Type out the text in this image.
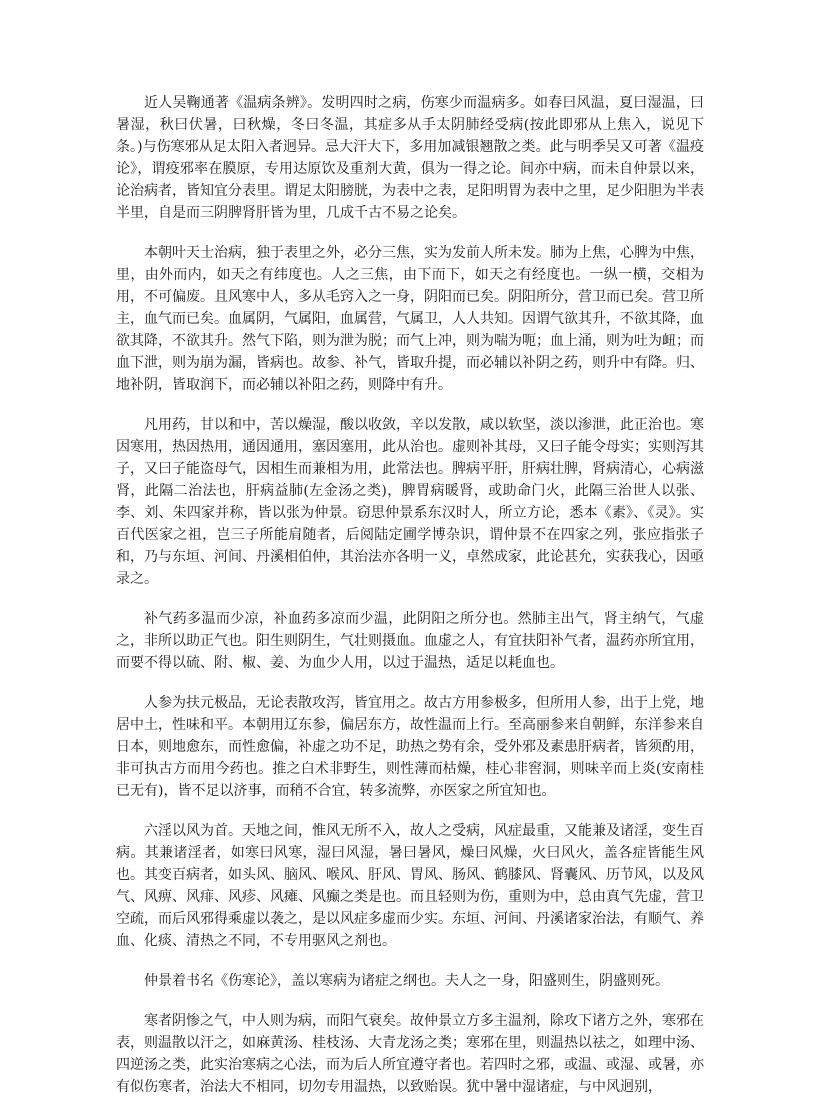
近人吴鞠通著《温病条辨》。发明四时之病，伤寒少而温病多。如春曰风温，夏曰湿温，曰暑湿，秋曰伏暑，曰秋燥，冬曰冬温，其症多从手太阴肺经受病(按此即邪从上焦入，说见下条。)与伤寒邪从足太阳入者迥异。忌大汗大下，多用加减银翘散之类。此与明季吴又可著《温疫论》，谓疫邪率在膜原，专用达原饮及重剂大黄，俱为一得之论。间亦中病，而未自仲景以来，论治病者，皆知宜分表里。谓足太阳膀胱，为表中之表，足阳明胃为表中之里，足少阳胆为半表半里，自是而三阴脾肾肝皆为里，几成千古不易之论矣。

本朝叶天士治病，独于表里之外，必分三焦，实为发前人所未发。肺为上焦，心脾为中焦，里，由外而内，如天之有纬度也。人之三焦，由下而下，如天之有经度也。一纵一横，交相为用，不可偏废。且风寒中人，多从毛窍入之一身，阴阳而已矣。阴阳所分，营卫而已矣。营卫所主，血气而已矣。血属阴，气属阳，血属营，气属卫，人人共知。因谓气欲其升，不欲其降，血欲其降，不欲其升。然气下陷，则为泄为脱；而气上冲，则为喘为呃；血上涌，则为吐为衄；而血下泄，则为崩为漏，皆病也。故参、补气，皆取升提，而必辅以补阴之药，则升中有降。归、地补阴，皆取润下，而必辅以补阳之药，则降中有升。

凡用药，甘以和中，苦以燥湿，酸以收敛，辛以发散，咸以软坚，淡以渗泄，此正治也。寒因寒用，热因热用，通因通用，塞因塞用，此从治也。虚则补其母，又曰子能令母实；实则泻其子，又曰子能盗母气，因相生而兼相为用，此常法也。脾病平肝，肝病壮脾，肾病清心，心病滋肾，此隔二治法也，肝病益肺(左金汤之类)，脾胃病暖肾，或助命门火，此隔三治世人以张、李、刘、朱四家并称，皆以张为仲景。窃思仲景系东汉时人，所立方论，悉本《素》、《灵》。实百代医家之祖，岂三子所能肩随者，后阅陆定圃学博杂识，谓仲景不在四家之列，张应指张子和，乃与东垣、河间、丹溪相伯仲，其治法亦各明一义，卓然成家，此论甚允，实获我心，因亟录之。

补气药多温而少凉，补血药多凉而少温，此阴阳之所分也。然肺主出气，肾主纳气，气虚之，非所以助正气也。阳生则阴生，气壮则摄血。血虚之人，有宜扶阳补气者，温药亦所宜用，而要不得以硫、附、椒、姜、为血少人用，以过于温热，适足以耗血也。

人参为扶元极品，无论表散攻泻，皆宜用之。故古方用参极多，但所用人参，出于上党，地居中土，性味和平。本朝用辽东参，偏居东方，故性温而上行。至高丽参来自朝鲜，东洋参来自日本，则地愈东，而性愈偏，补虚之功不足，助热之势有余，受外邪及素患肝病者，皆须酌用，非可执古方而用今药也。推之白术非野生，则性薄而枯燥，桂心非窖洞，则味辛而上炎(安南桂已无有)，皆不足以济事，而稍不合宜，转多流弊，亦医家之所宜知也。

六淫以风为首。天地之间，惟风无所不入，故人之受病，风症最重，又能兼及诸淫，变生百病。其兼诸淫者，如寒曰风寒，湿曰风湿，暑曰暑风，燥曰风燥，火曰风火，盖各症皆能生风也。其变百病者，如头风、脑风、喉风、肝风、胃风、肠风、鹤膝风、肾囊风、历节风，以及风气、风痹、风痱、风疹、风瘫、风癫之类是也。而且轻则为伤，重则为中，总由真气先虚，营卫空疏，而后风邪得乘虚以袭之，是以风症多虚而少实。东垣、河间、丹溪诸家治法，有顺气、养血、化痰、清热之不同，不专用驱风之剂也。

仲景着书名《伤寒论》，盖以寒病为诸症之纲也。夫人之一身，阳盛则生，阴盛则死。

寒者阴惨之气，中人则为病，而阳气衰矣。故仲景立方多主温剂，除攻下诸方之外，寒邪在表，则温散以汗之，如麻黄汤、桂枝汤、大青龙汤之类；寒邪在里，则温热以祛之，如理中汤、四逆汤之类，此实治寒病之心法，而为后人所宜遵守者也。若四时之邪，或温、或湿、或暑，亦有似伤寒者，治法大不相同，切勿专用温热，以致贻误。犹中暑中湿诸症，与中风迥别，
